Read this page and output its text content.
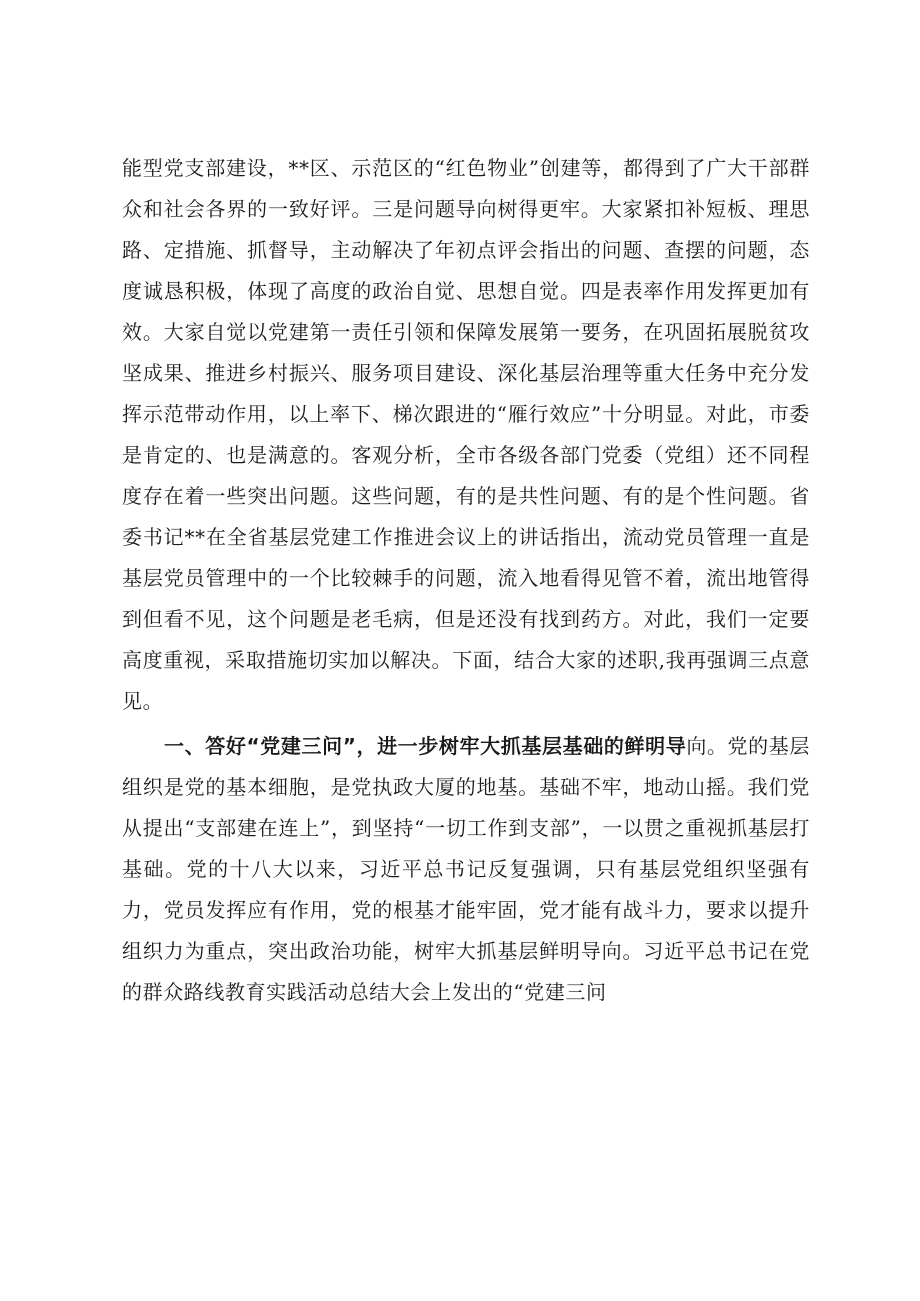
能型党支部建设，**区、示范区的“红色物业”创建等，都得到了广大干部群众和社会各界的一致好评。三是问题导向树得更牢。大家紧扣补短板、理思路、定措施、抓督导，主动解决了年初点评会指出的问题、查摆的问题，态度诚恳积极，体现了高度的政治自觉、思想自觉。四是表率作用发挥更加有效。大家自觉以党建第一责任引领和保障发展第一要务，在巩固拓展脱贫攻坚成果、推进乡村振兴、服务项目建设、深化基层治理等重大任务中充分发挥示范带动作用，以上率下、梯次跟进的“雁行效应”十分明显。对此，市委是肯定的、也是满意的。客观分析，全市各级各部门党委（党组）还不同程度存在着一些突出问题。这些问题，有的是共性问题、有的是个性问题。省委书记**在全省基层党建工作推进会议上的讲话指出，流动党员管理一直是基层党员管理中的一个比较棘手的问题，流入地看得见管不着，流出地管得到但看不见，这个问题是老毛病，但是还没有找到药方。对此，我们一定要高度重视，采取措施切实加以解决。下面，结合大家的述职,我再强调三点意见。

一、答好“党建三问”，进一步树牢大抓基层基础的鲜明导向。党的基层组织是党的基本细胞，是党执政大厦的地基。基础不牢，地动山摇。我们党从提出“支部建在连上”，到坚持“一切工作到支部”，一以贯之重视抓基层打基础。党的十八大以来，习近平总书记反复强调，只有基层党组织坚强有力，党员发挥应有作用，党的根基才能牢固，党才能有战斗力，要求以提升组织力为重点，突出政治功能，树牢大抓基层鲜明导向。习近平总书记在党的群众路线教育实践活动总结大会上发出的“党建三问
